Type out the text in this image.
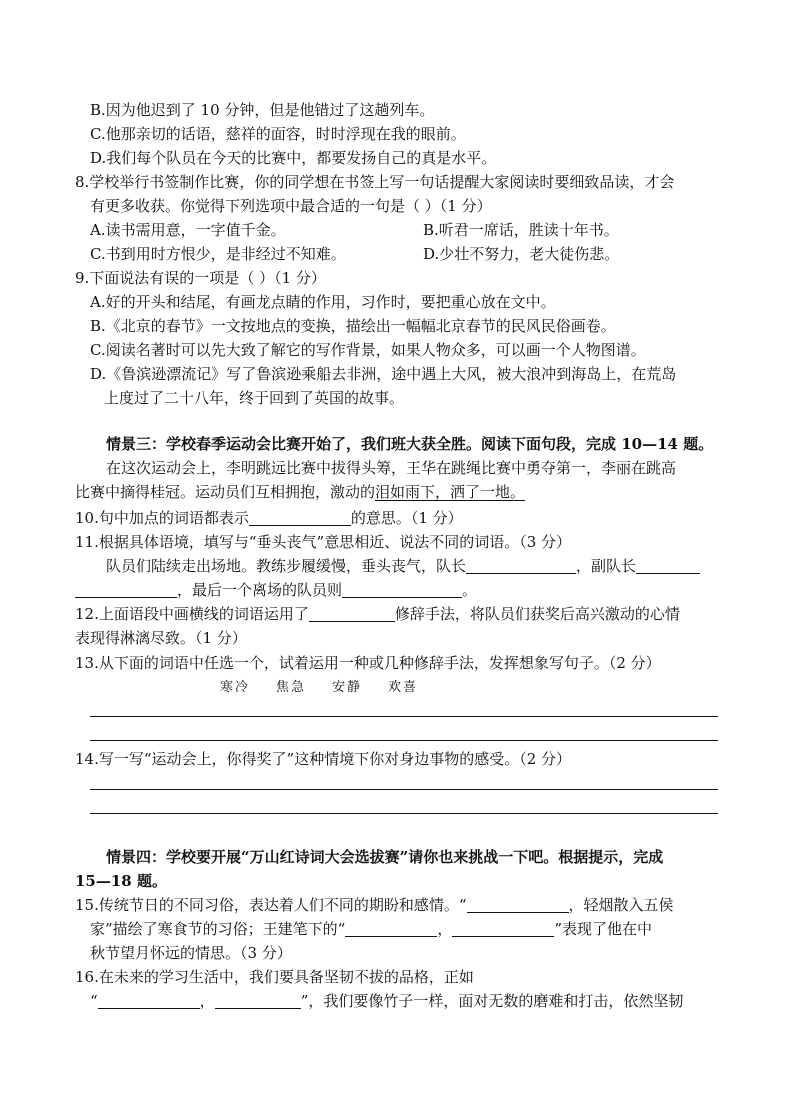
B.因为他迟到了 10 分钟，但是他错过了这趟列车。
C.他那亲切的话语，慈祥的面容，时时浮现在我的眼前。
D.我们每个队员在今天的比赛中，都要发扬自己的真是水平。
8.学校举行书签制作比赛，你的同学想在书签上写一句话提醒大家阅读时要细致品读，才会
有更多收获。你觉得下列选项中最合适的一句是（ ）（1 分）
A.读书需用意，一字值千金。	B.听君一席话，胜读十年书。
C.书到用时方恨少，是非经过不知难。	D.少壮不努力，老大徒伤悲。
9.下面说法有误的一项是（ ）（1 分）
A.好的开头和结尾，有画龙点睛的作用，习作时，要把重心放在文中。
B.《北京的春节》一文按地点的变换，描绘出一幅幅北京春节的民风民俗画卷。
C.阅读名著时可以先大致了解它的写作背景，如果人物众多，可以画一个人物图谱。
D.《鲁滨逊漂流记》写了鲁滨逊乘船去非洲，途中遇上大风，被大浪冲到海岛上，在荒岛
上度过了二十八年，终于回到了英国的故事。
情景三：学校春季运动会比赛开始了，我们班大获全胜。阅读下面句段，完成 10—14 题。
在这次运动会上，李明跳远比赛中拔得头筹，王华在跳绳比赛中勇夺第一，李丽在跳高
比赛中摘得桂冠。运动员们互相拥抱，激动的泪如雨下，洒了一地。
10.句中加点的词语都表示	的意思。（1 分）
11.根据具体语境，填写与“垂头丧气”意思相近、说法不同的词语。（3 分）
队员们陆续走出场地。教练步履缓慢，垂头丧气，队长	，副队长
，最后一个离场的队员则	。
12.上面语段中画横线的词语运用了	修辞手法，将队员们获奖后高兴激动的心情
表现得淋漓尽致。（1 分）
13.从下面的词语中任选一个，试着运用一种或几种修辞手法，发挥想象写句子。（2 分）
寒冷 焦急 安静 欢喜
14.写一写“运动会上，你得奖了”这种情境下你对身边事物的感受。（2 分）
情景四：学校要开展“万山红诗词大会选拔赛”请你也来挑战一下吧。根据提示，完成
15—18 题。
15.传统节日的不同习俗，表达着人们不同的期盼和感情。“	，轻烟散入五侯
家”描绘了寒食节的习俗；王建笔下的“	，	”表现了他在中
秋节望月怀远的情思。（3 分）
16.在未来的学习生活中，我们要具备坚韧不拔的品格，正如
“	，	”，我们要像竹子一样，面对无数的磨难和打击，依然坚韧
